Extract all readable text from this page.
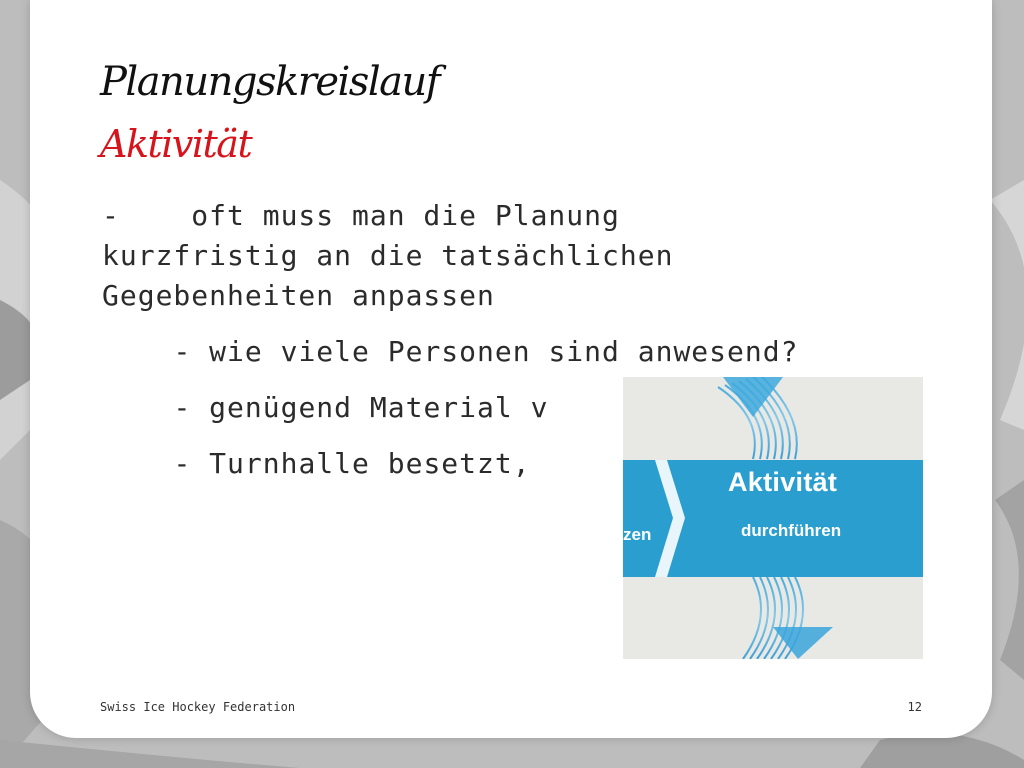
Planungskreislauf
Aktivität

-    oft muss man die Planung kurzfristig an die tatsächlichen  Gegebenheiten anpassen

- wie viele Personen sind anwesend?

- genügend Material v

- Turnhalle besetzt,

zen
Aktivität
durchführen
Swiss Ice Hockey Federation	12
